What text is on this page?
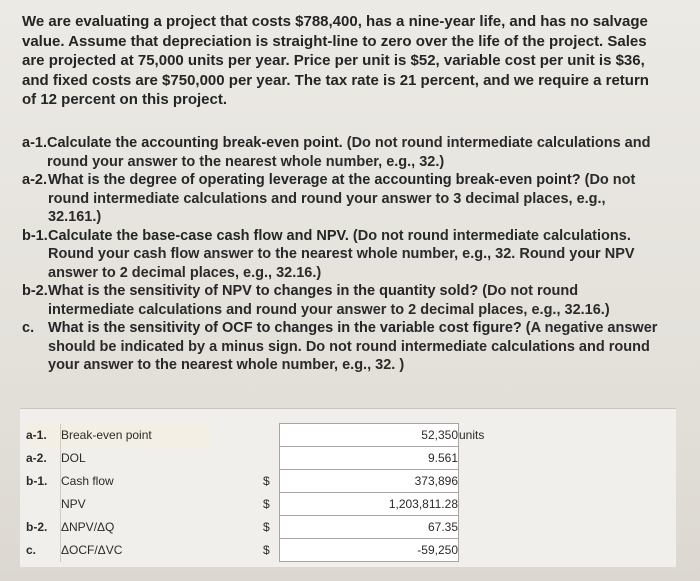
We are evaluating a project that costs $788,400, has a nine-year life, and has no salvage value. Assume that depreciation is straight-line to zero over the life of the project. Sales are projected at 75,000 units per year. Price per unit is $52, variable cost per unit is $36, and fixed costs are $750,000 per year. The tax rate is 21 percent, and we require a return of 12 percent on this project.
a-1. Calculate the accounting break-even point. (Do not round intermediate calculations and round your answer to the nearest whole number, e.g., 32.)
a-2. What is the degree of operating leverage at the accounting break-even point? (Do not round intermediate calculations and round your answer to 3 decimal places, e.g., 32.161.)
b-1. Calculate the base-case cash flow and NPV. (Do not round intermediate calculations. Round your cash flow answer to the nearest whole number, e.g., 32. Round your NPV answer to 2 decimal places, e.g., 32.16.)
b-2. What is the sensitivity of NPV to changes in the quantity sold? (Do not round intermediate calculations and round your answer to 2 decimal places, e.g., 32.16.)
c. What is the sensitivity of OCF to changes in the variable cost figure? (A negative answer should be indicated by a minus sign. Do not round intermediate calculations and round your answer to the nearest whole number, e.g., 32. )
a-1.	Break-even point			52,350	units
a-2.	DOL			9.561	
b-1.	Cash flow		$	373,896	
	NPV		$	1,203,811.28	
b-2.	ΔNPV/ΔQ		$	67.35	
c.	ΔOCF/ΔVC		$	-59,250	
